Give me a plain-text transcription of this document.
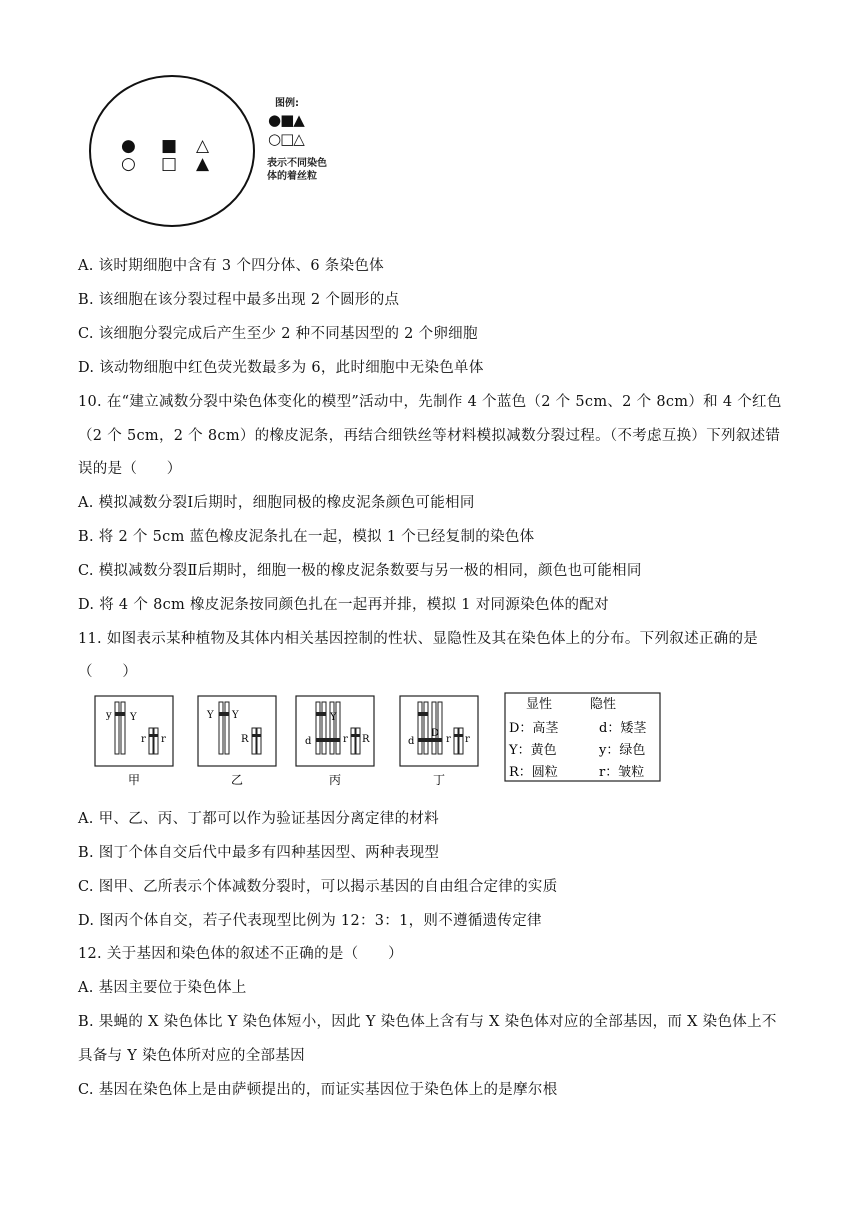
● ■ △
○ □ ▲
图例:
●■▲
○□△
表示不同染色
体的着丝粒
A. 该时期细胞中含有 3 个四分体、6 条染色体
B. 该细胞在该分裂过程中最多出现 2 个圆形的点
C. 该细胞分裂完成后产生至少 2 种不同基因型的 2 个卵细胞
D. 该动物细胞中红色荧光数最多为 6，此时细胞中无染色单体
10. 在“建立减数分裂中染色体变化的模型”活动中，先制作 4 个蓝色（2 个 5cm、2 个 8cm）和 4 个红色
（2 个 5cm，2 个 8cm）的橡皮泥条，再结合细铁丝等材料模拟减数分裂过程。（不考虑互换）下列叙述错
误的是（　　）
A. 模拟减数分裂Ⅰ后期时，细胞同极的橡皮泥条颜色可能相同
B. 将 2 个 5cm 蓝色橡皮泥条扎在一起，模拟 1 个已经复制的染色体
C. 模拟减数分裂Ⅱ后期时，细胞一极的橡皮泥条数要与另一极的相同，颜色也可能相同
D. 将 4 个 8cm 橡皮泥条按同颜色扎在一起再并排，模拟 1 对同源染色体的配对
11. 如图表示某种植物及其体内相关基因控制的性状、显隐性及其在染色体上的分布。下列叙述正确的是
（　　）
y Y
r r
Y Y
R	d
Y
r R	d
D
r r
甲	乙	丙	丁
显性	隐性
D：高茎	d：矮茎
Y：黄色	y：绿色
R：圆粒	r：皱粒
A. 甲、乙、丙、丁都可以作为验证基因分离定律的材料
B. 图丁个体自交后代中最多有四种基因型、两种表现型
C. 图甲、乙所表示个体减数分裂时，可以揭示基因的自由组合定律的实质
D. 图丙个体自交，若子代表现型比例为 12：3：1，则不遵循遗传定律
12. 关于基因和染色体的叙述不正确的是（　　）
A. 基因主要位于染色体上
B. 果蝇的 X 染色体比 Y 染色体短小，因此 Y 染色体上含有与 X 染色体对应的全部基因，而 X 染色体上不
具备与 Y 染色体所对应的全部基因
C. 基因在染色体上是由萨顿提出的，而证实基因位于染色体上的是摩尔根
